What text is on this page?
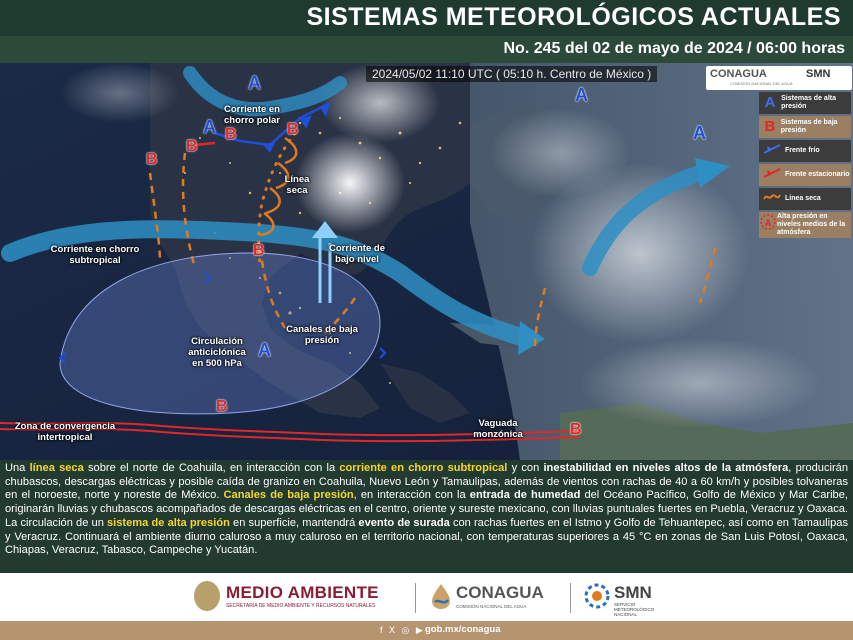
SISTEMAS METEOROLÓGICOS ACTUALES
No. 245 del 02 de mayo de 2024 / 06:00 horas
A
A
A
A
A
B
B
B
B
B
B
B
Corriente en chorro polar
Corriente en chorro subtropical
Línea seca
Corriente de bajo nivel
Canales de baja presión
Circulación anticiclónica en 500 hPa
Zona de convergencia intertropical
Vaguada monzónica
2024/05/02 11:10 UTC ( 05:10 h. Centro de México )	CONAGUA
COMISIÓN NACIONAL DEL AGUA
SMN
A Sistemas de alta presión
B Sistemas de baja presión
Frente frío
Frente estacionario
Línea seca
A
Alta presión en niveles medios de la atmósfera
Una línea seca sobre el norte de Coahuila, en interacción con la corriente en chorro subtropical y con inestabilidad en niveles altos de la atmósfera, producirán chubascos, descargas eléctricas y posible caída de granizo en Coahuila, Nuevo León y Tamaulipas, además de vientos con rachas de 40 a 60 km/h y posibles tolvaneras en el noroeste, norte y noreste de México. Canales de baja presión, en interacción con la entrada de humedad del Océano Pacífico, Golfo de México y Mar Caribe, originarán lluvias y chubascos acompañados de descargas eléctricas en el centro, oriente y sureste mexicano, con lluvias puntuales fuertes en Puebla, Veracruz y Oaxaca. La circulación de un sistema de alta presión en superficie, mantendrá evento de surada con rachas fuertes en el Istmo y Golfo de Tehuantepec, así como en Tamaulipas y Veracruz. Continuará el ambiente diurno caluroso a muy caluroso en el territorio nacional, con temperaturas superiores a 45 °C en zonas de San Luis Potosí, Oaxaca, Chiapas, Veracruz, Tabasco, Campeche y Yucatán.
MEDIO AMBIENTE
SECRETARÍA DE MEDIO AMBIENTE Y RECURSOS NATURALES
CONAGUA
COMISIÓN NACIONAL DEL AGUA
SMN
SERVICIO METEOROLÓGICO NACIONAL
f X ◎ ▶ gob.mx/conagua
